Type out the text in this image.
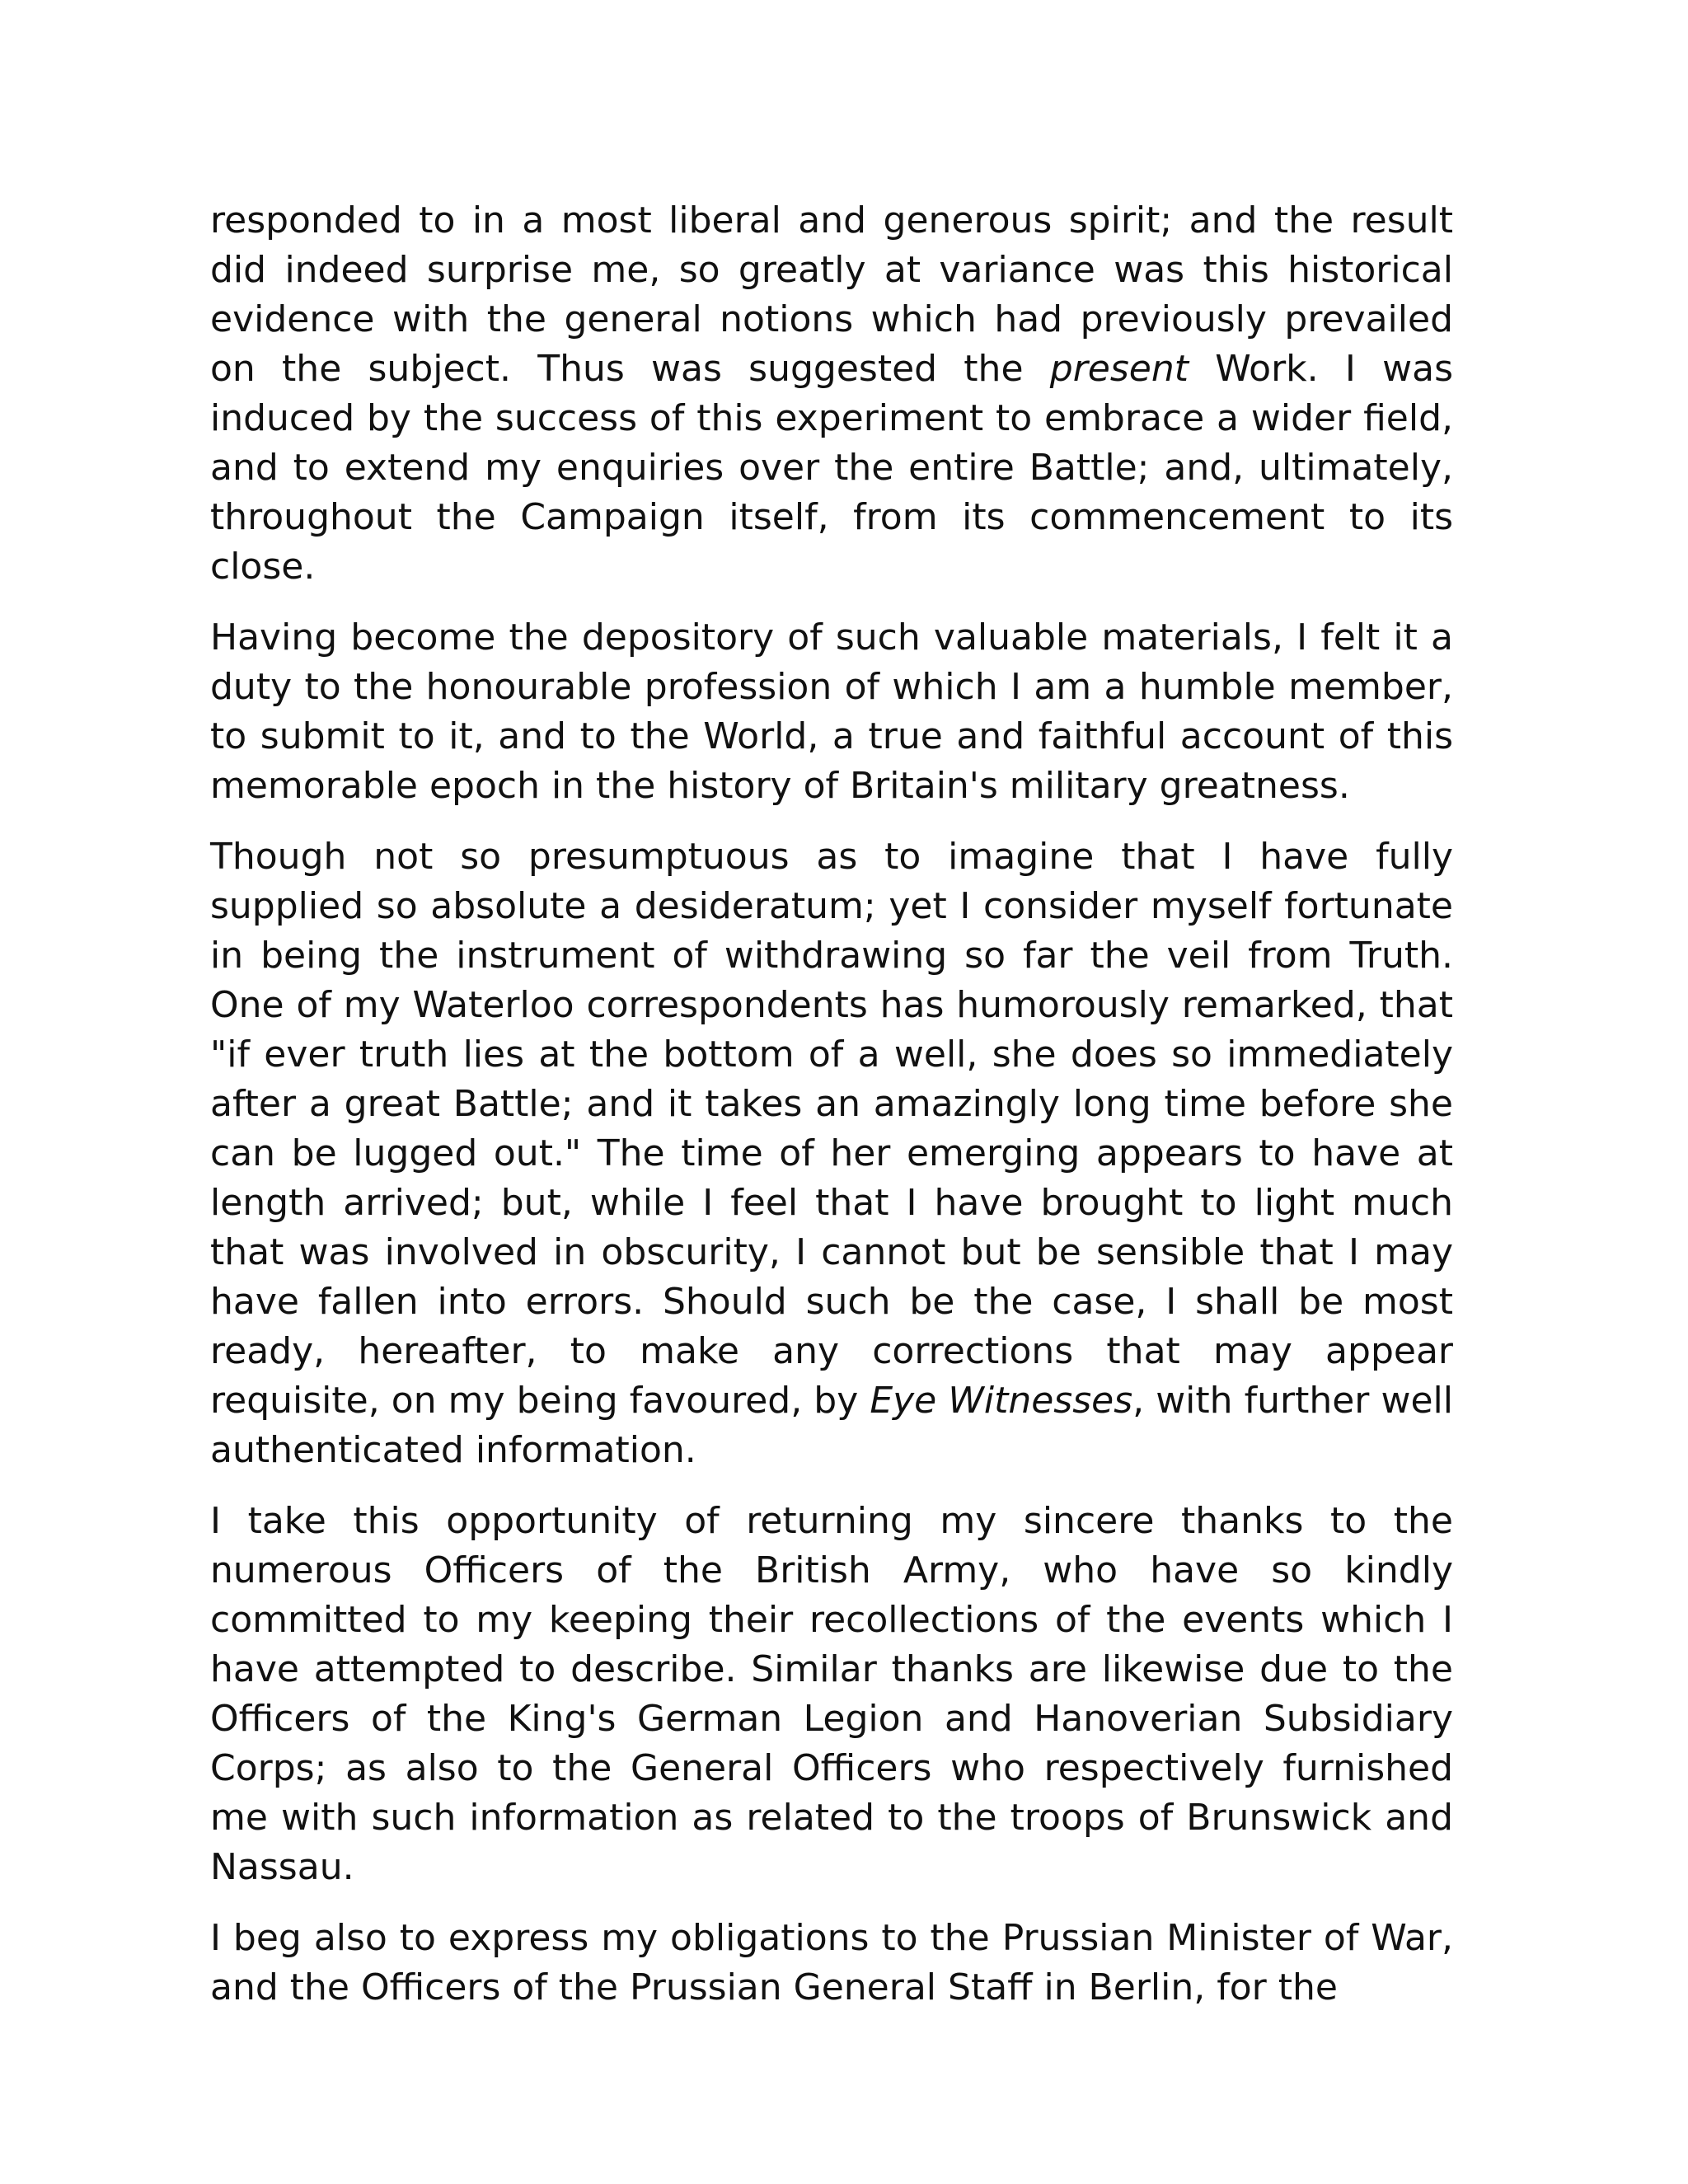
responded to in a most liberal and generous spirit; and the result did indeed surprise me, so greatly at variance was this historical evidence with the general notions which had previously prevailed on the subject. Thus was suggested the present Work. I was induced by the success of this experiment to embrace a wider field, and to extend my enquiries over the entire Battle; and, ultimately, throughout the Campaign itself, from its commencement to its close.

Having become the depository of such valuable materials, I felt it a duty to the honourable profession of which I am a humble member, to submit to it, and to the World, a true and faithful account of this memorable epoch in the history of Britain's military greatness.

Though not so presumptuous as to imagine that I have fully supplied so absolute a desideratum; yet I consider myself fortunate in being the instrument of withdrawing so far the veil from Truth. One of my Waterloo correspondents has humorously remarked, that "if ever truth lies at the bottom of a well, she does so immediately after a great Battle; and it takes an amazingly long time before she can be lugged out." The time of her emerging appears to have at length arrived; but, while I feel that I have brought to light much that was involved in obscurity, I cannot but be sensible that I may have fallen into errors. Should such be the case, I shall be most ready, hereafter, to make any corrections that may appear requisite, on my being favoured, by Eye Witnesses, with further well authenticated information.

I take this opportunity of returning my sincere thanks to the numerous Officers of the British Army, who have so kindly committed to my keeping their recollections of the events which I have attempted to describe. Similar thanks are likewise due to the Officers of the King's German Legion and Hanoverian Subsidiary Corps; as also to the General Officers who respectively furnished me with such information as related to the troops of Brunswick and Nassau.

I beg also to express my obligations to the Prussian Minister of War, and the Officers of the Prussian General Staff in Berlin, for the
